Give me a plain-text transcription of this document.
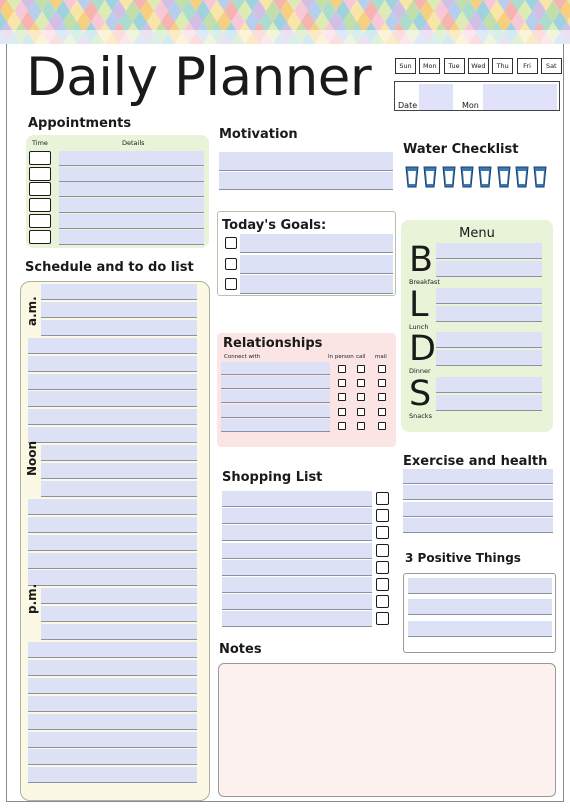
Daily Planner	Sun	Mon	Tue	Wed	Thu	Fri	Sat
Date	Mon
Appointments
Time	Details
Schedule and to do list
a.m.
Noon
p.m.
Motivation
Water Checklist
Today's Goals:
Menu
B
Breakfast
L
Lunch
D
Dinner
S
Snacks
Relationships
Connect with	In person call mail
Shopping List
Exercise and health
3 Positive Things
Notes
